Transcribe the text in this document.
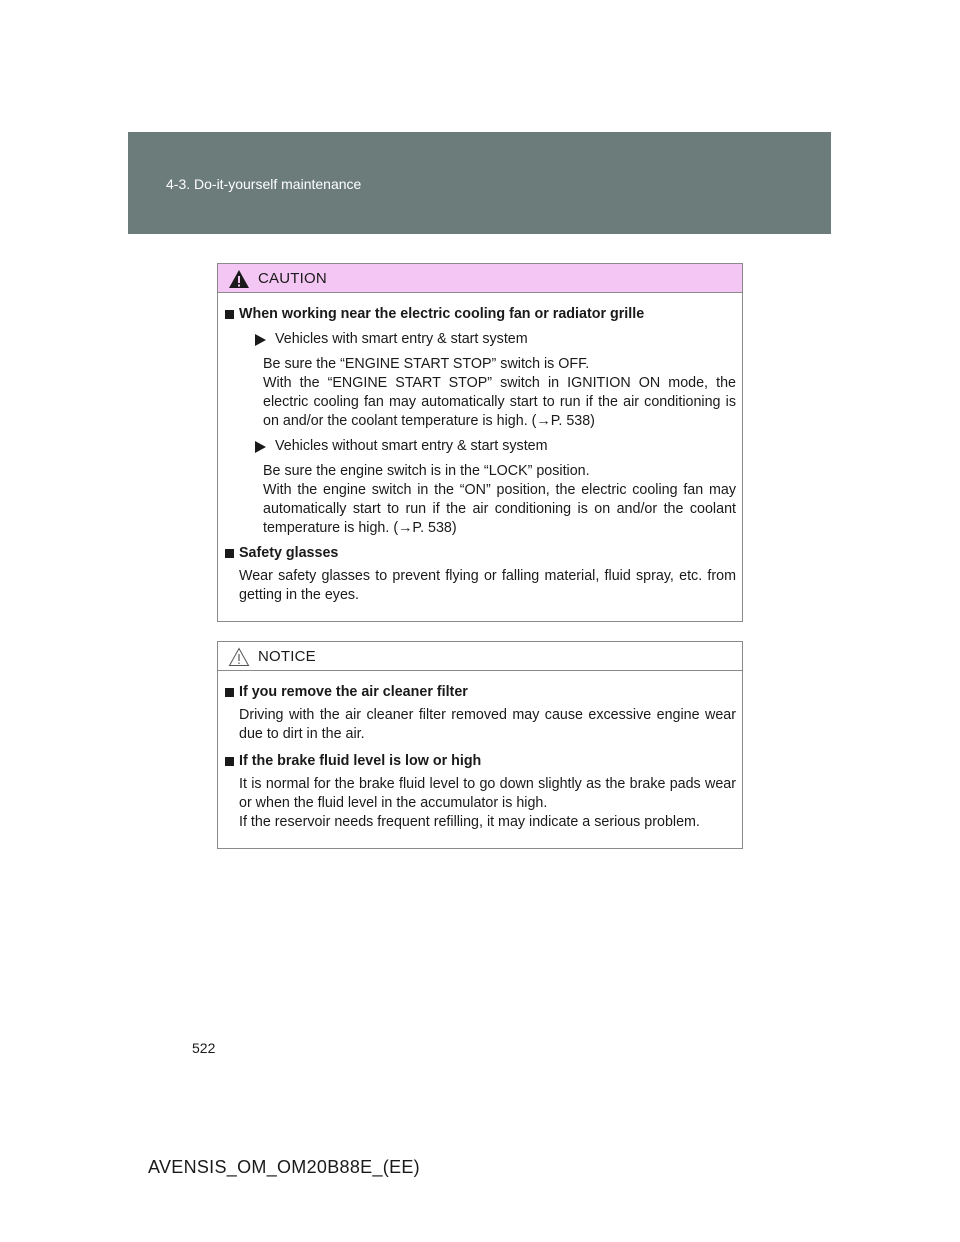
4-3. Do-it-yourself maintenance
CAUTION
When working near the electric cooling fan or radiator grille
Vehicles with smart entry & start system
Be sure the “ENGINE START STOP” switch is OFF.
With the “ENGINE START STOP” switch in IGNITION ON mode, the electric cooling fan may automatically start to run if the air conditioning is on and/or the coolant temperature is high. (→P. 538)
Vehicles without smart entry & start system
Be sure the engine switch is in the “LOCK” position.
With the engine switch in the “ON” position, the electric cooling fan may automatically start to run if the air conditioning is on and/or the coolant temperature is high. (→P. 538)
Safety glasses
Wear safety glasses to prevent flying or falling material, fluid spray, etc. from getting in the eyes.
NOTICE
If you remove the air cleaner filter
Driving with the air cleaner filter removed may cause excessive engine wear due to dirt in the air.
If the brake fluid level is low or high
It is normal for the brake fluid level to go down slightly as the brake pads wear or when the fluid level in the accumulator is high.
If the reservoir needs frequent refilling, it may indicate a serious problem.
522
AVENSIS_OM_OM20B88E_(EE)
